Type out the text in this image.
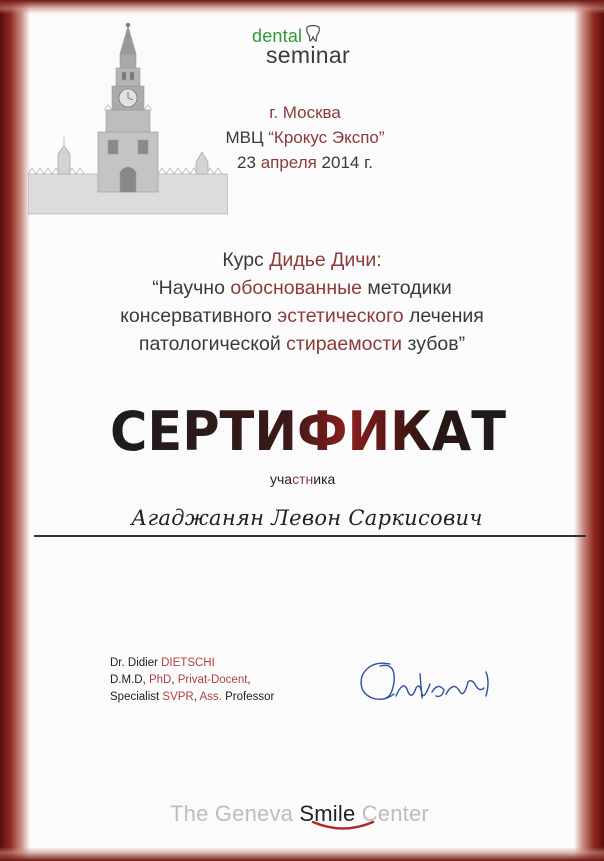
dental
seminar
г. Москва
МВЦ “Крокус Экспо”
23 апреля 2014 г.
Курс Дидье Дичи:
“Научно обоснованные методики
консервативного эстетического лечения
патологической стираемости зубов”
СЕРТИФИКАТ
участника
Агаджанян Левон Саркисович
Dr. Didier DIETSCHI
D.M.D, PhD, Privat-Docent,
Specialist SVPR, Ass. Professor
The Geneva Smile Center
